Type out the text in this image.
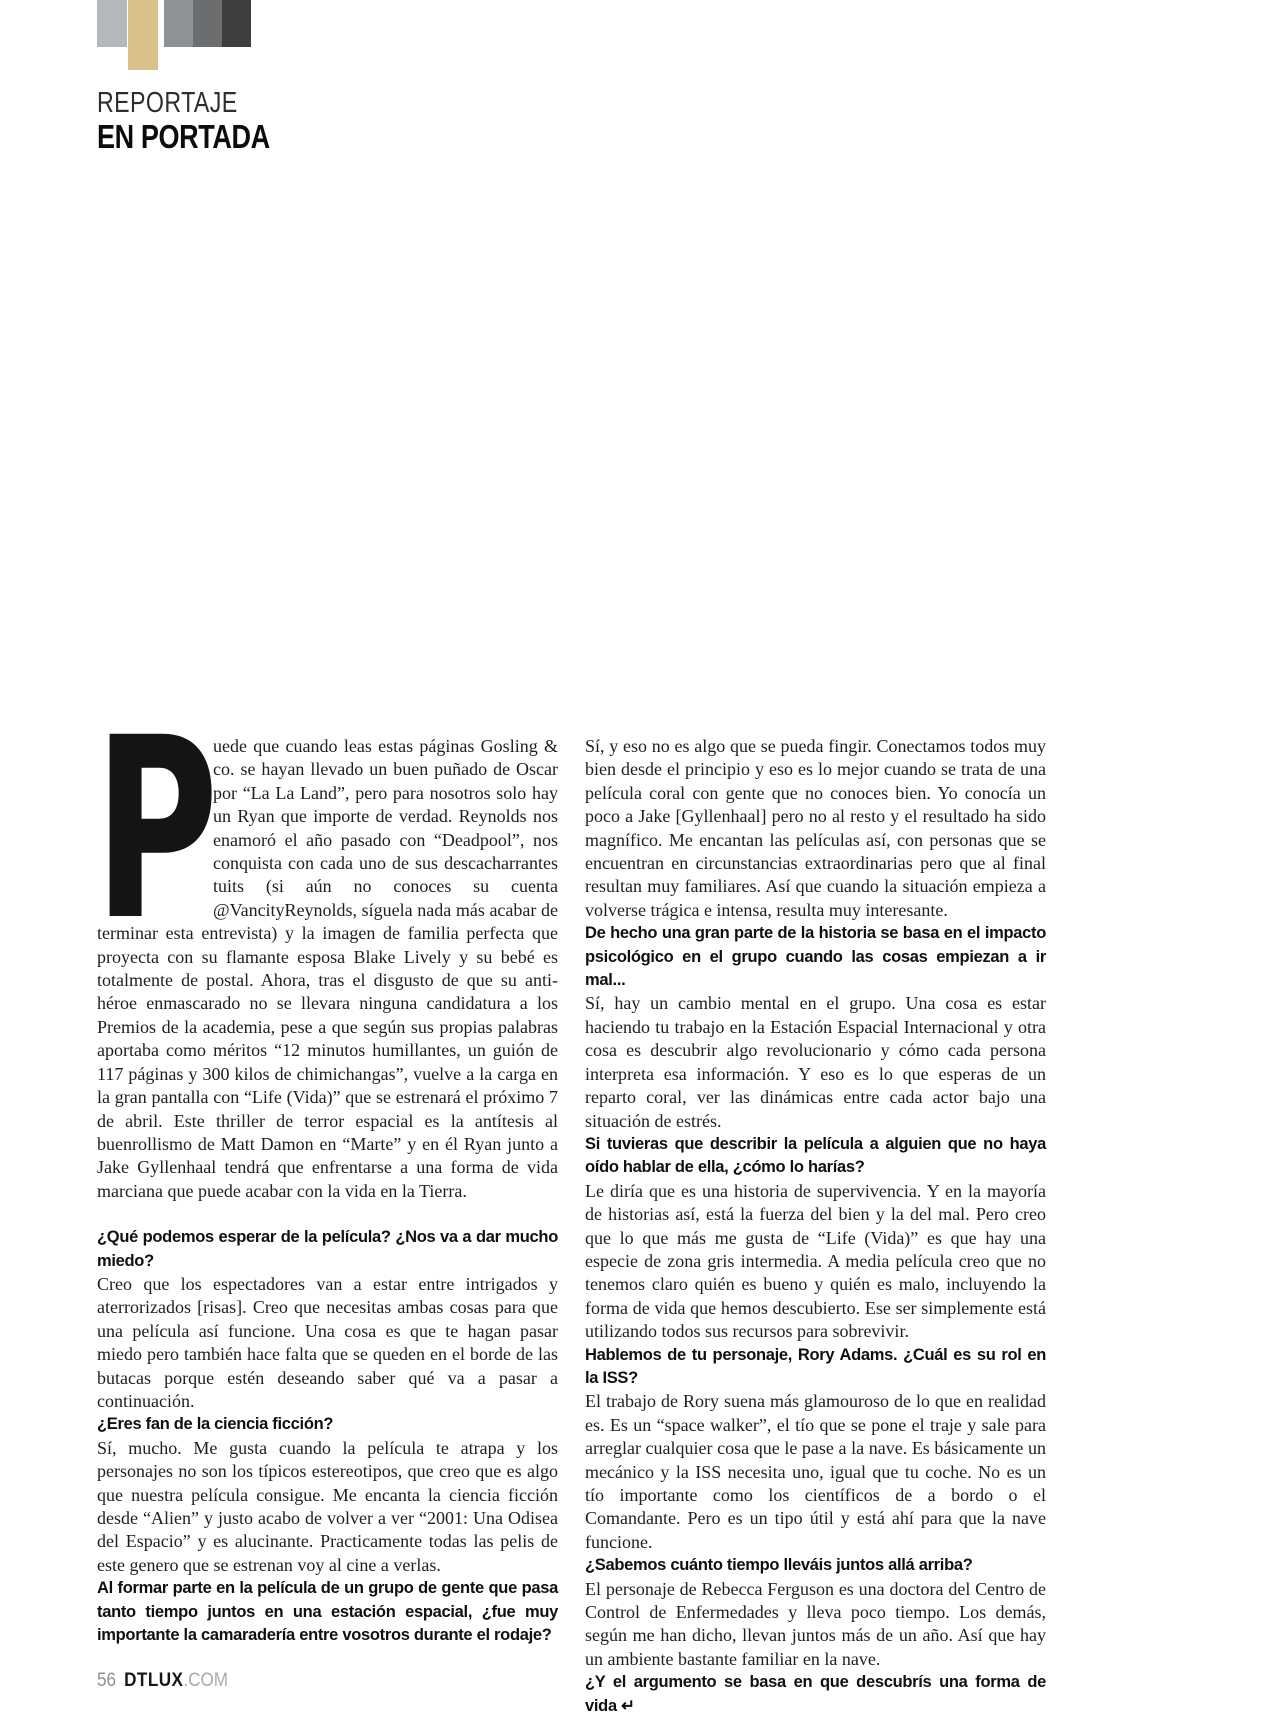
REPORTAJE
EN PORTADA

P
uede que cuando leas estas páginas Gosling & co. se hayan llevado un buen puñado de Oscar por “La La Land”, pero para nosotros solo hay un Ryan que importe de verdad. Reynolds nos enamoró el año pasado con “Deadpool”, nos conquista con cada uno de sus descacharrantes tuits (si aún no conoces su cuenta @VancityReynolds, síguela nada más acabar de terminar esta entrevista) y la imagen de familia perfecta que proyecta con su flamante esposa Blake Lively y su bebé es totalmente de postal. Ahora, tras el disgusto de que su anti-héroe enmascarado no se llevara ninguna candidatura a los Premios de la academia, pese a que según sus propias palabras aportaba como méritos “12 minutos humillantes, un guión de 117 páginas y 300 kilos de chimichangas”, vuelve a la carga en la gran pantalla con “Life (Vida)” que se estrenará el próximo 7 de abril. Este thriller de terror espacial es la antítesis al buenrollismo de Matt Damon en “Marte” y en él Ryan junto a Jake Gyllenhaal tendrá que enfrentarse a una forma de vida marciana que puede acabar con la vida en la Tierra.

¿Qué podemos esperar de la película? ¿Nos va a dar mucho miedo?

Creo que los espectadores van a estar entre intrigados y aterrorizados [risas]. Creo que necesitas ambas cosas para que una película así funcione. Una cosa es que te hagan pasar miedo pero también hace falta que se queden en el borde de las butacas porque estén deseando saber qué va a pasar a continuación.

¿Eres fan de la ciencia ficción?

Sí, mucho. Me gusta cuando la película te atrapa y los personajes no son los típicos estereotipos, que creo que es algo que nuestra película consigue. Me encanta la ciencia ficción desde “Alien” y justo acabo de volver a ver “2001: Una Odisea del Espacio” y es alucinante. Practicamente todas las pelis de este genero que se estrenan voy al cine a verlas.

Al formar parte en la película de un grupo de gente que pasa tanto tiempo juntos en una estación espacial, ¿fue muy importante la camaradería entre vosotros durante el rodaje?

Sí, y eso no es algo que se pueda fingir. Conectamos todos muy bien desde el principio y eso es lo mejor cuando se trata de una película coral con gente que no conoces bien. Yo conocía un poco a Jake [Gyllenhaal] pero no al resto y el resultado ha sido magnífico. Me encantan las películas así, con personas que se encuentran en circunstancias extraordinarias pero que al final resultan muy familiares. Así que cuando la situación empieza a volverse trágica e intensa, resulta muy interesante.

De hecho una gran parte de la historia se basa en el impacto psicológico en el grupo cuando las cosas empiezan a ir mal...

Sí, hay un cambio mental en el grupo. Una cosa es estar haciendo tu trabajo en la Estación Espacial Internacional y otra cosa es descubrir algo revolucionario y cómo cada persona interpreta esa información. Y eso es lo que esperas de un reparto coral, ver las dinámicas entre cada actor bajo una situación de estrés.

Si tuvieras que describir la película a alguien que no haya oído hablar de ella, ¿cómo lo harías?

Le diría que es una historia de supervivencia. Y en la mayoría de historias así, está la fuerza del bien y la del mal. Pero creo que lo que más me gusta de “Life (Vida)” es que hay una especie de zona gris intermedia. A media película creo que no tenemos claro quién es bueno y quién es malo, incluyendo la forma de vida que hemos descubierto. Ese ser simplemente está utilizando todos sus recursos para sobrevivir.

Hablemos de tu personaje, Rory Adams. ¿Cuál es su rol en la ISS?

El trabajo de Rory suena más glamouroso de lo que en realidad es. Es un “space walker”, el tío que se pone el traje y sale para arreglar cualquier cosa que le pase a la nave. Es básicamente un mecánico y la ISS necesita uno, igual que tu coche. No es un tío importante como los científicos de a bordo o el Comandante. Pero es un tipo útil y está ahí para que la nave funcione.

¿Sabemos cuánto tiempo lleváis juntos allá arriba?

El personaje de Rebecca Ferguson es una doctora del Centro de Control de Enfermedades y lleva poco tiempo. Los demás, según me han dicho, llevan juntos más de un año. Así que hay un ambiente bastante familiar en la nave.

¿Y el argumento se basa en que descubrís una forma de vida ↵

56 DTLUX.COM
